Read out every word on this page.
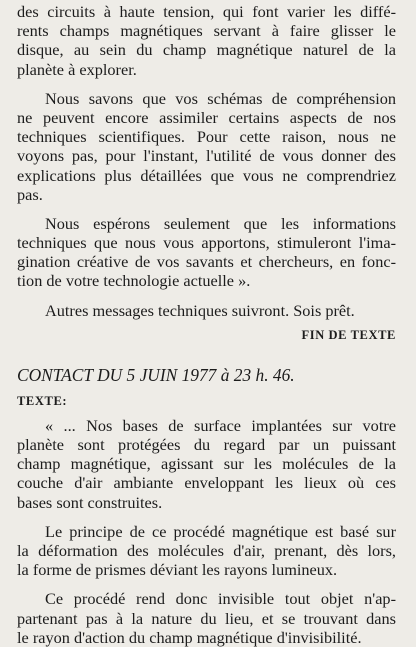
des circuits à haute tension, qui font varier les diffé-
rents champs magnétiques servant à faire glisser le
disque, au sein du champ magnétique naturel de la
planète à explorer.
Nous savons que vos schémas de compréhension
ne peuvent encore assimiler certains aspects de nos
techniques scientifiques. Pour cette raison, nous ne
voyons pas, pour l'instant, l'utilité de vous donner des
explications plus détaillées que vous ne comprendriez
pas.
Nous espérons seulement que les informations
techniques que nous vous apportons, stimuleront l'ima-
gination créative de vos savants et chercheurs, en fonc-
tion de votre technologie actuelle ».
Autres messages techniques suivront. Sois prêt.
FIN DE TEXTE
CONTACT DU 5 JUIN 1977 à 23 h. 46.
TEXTE:
« ... Nos bases de surface implantées sur votre
planète sont protégées du regard par un puissant
champ magnétique, agissant sur les molécules de la
couche d'air ambiante enveloppant les lieux où ces
bases sont construites.
Le principe de ce procédé magnétique est basé sur
la déformation des molécules d'air, prenant, dès lors,
la forme de prismes déviant les rayons lumineux.
Ce procédé rend donc invisible tout objet n'ap-
partenant pas à la nature du lieu, et se trouvant dans
le rayon d'action du champ magnétique d'invisibilité.
